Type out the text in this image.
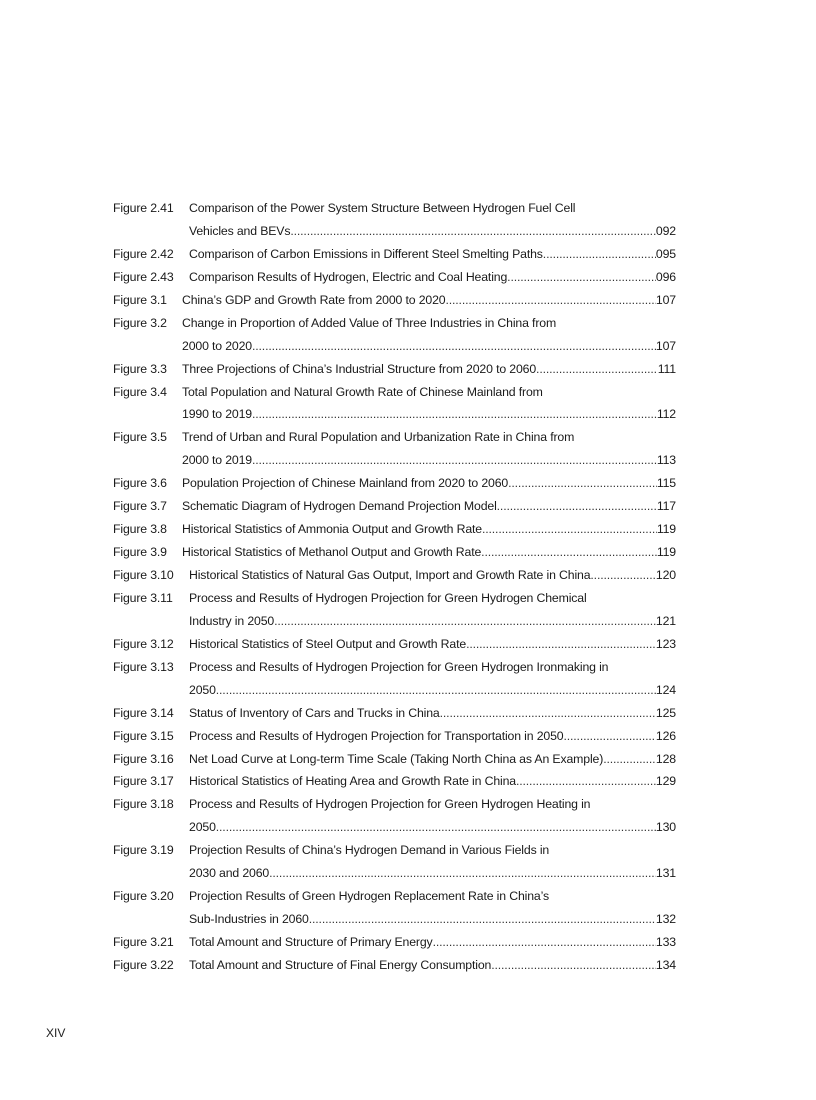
Figure 2.41	Comparison of the Power System Structure Between Hydrogen Fuel Cell
Vehicles and BEVs .....	092
Figure 2.42	Comparison of Carbon Emissions in Different Steel Smelting Paths .....	095
Figure 2.43	Comparison Results of Hydrogen, Electric and Coal Heating .....	096
Figure 3.1	China’s GDP and Growth Rate from 2000 to 2020 .....	107
Figure 3.2	Change in Proportion of Added Value of Three Industries in China from
2000 to 2020 .....	107
Figure 3.3	Three Projections of China’s Industrial Structure from 2020 to 2060 .....	111
Figure 3.4	Total Population and Natural Growth Rate of Chinese Mainland from
1990 to 2019 .....	112
Figure 3.5	Trend of Urban and Rural Population and Urbanization Rate in China from
2000 to 2019 .....	113
Figure 3.6	Population Projection of Chinese Mainland from 2020 to 2060 .....	115
Figure 3.7	Schematic Diagram of Hydrogen Demand Projection Model .....	117
Figure 3.8	Historical Statistics of Ammonia Output and Growth Rate .....	119
Figure 3.9	Historical Statistics of Methanol Output and Growth Rate .....	119
Figure 3.10	Historical Statistics of Natural Gas Output, Import and Growth Rate in China .....	120
Figure 3.11	Process and Results of Hydrogen Projection for Green Hydrogen Chemical
Industry in 2050 .....	121
Figure 3.12	Historical Statistics of Steel Output and Growth Rate .....	123
Figure 3.13	Process and Results of Hydrogen Projection for Green Hydrogen Ironmaking in
2050 .....	124
Figure 3.14	Status of Inventory of Cars and Trucks in China .....	125
Figure 3.15	Process and Results of Hydrogen Projection for Transportation in 2050 .....	126
Figure 3.16	Net Load Curve at Long-term Time Scale (Taking North China as An Example) .....	128
Figure 3.17	Historical Statistics of Heating Area and Growth Rate in China .....	129
Figure 3.18	Process and Results of Hydrogen Projection for Green Hydrogen Heating in
2050 .....	130
Figure 3.19	Projection Results of China’s Hydrogen Demand in Various Fields in
2030 and 2060 .....	131
Figure 3.20	Projection Results of Green Hydrogen Replacement Rate in China’s
Sub-Industries in 2060 .....	132
Figure 3.21	Total Amount and Structure of Primary Energy .....	133
Figure 3.22	Total Amount and Structure of Final Energy Consumption .....	134
XIV
